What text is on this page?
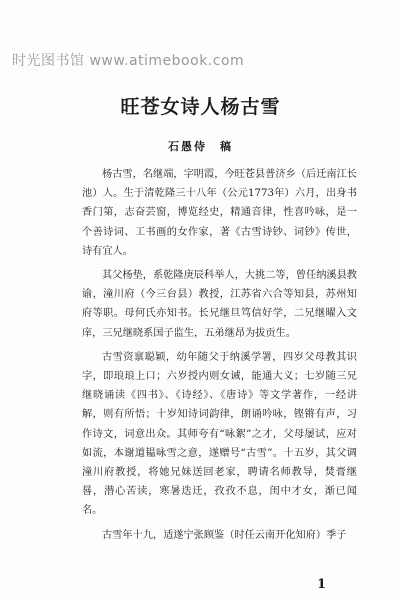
时光图书馆 www.atimebook.com
旺苍女诗人杨古雪
石愚侍　稿

杨古雪，名继端，字明霞，今旺苍县普济乡（后迁南江长池）人。生于清乾隆三十八年（公元1773年）六月，出身书香门第，志奋芸窗，博览经史，精通音律，性喜吟咏，是一个善诗词、工书画的女作家，著《古雪诗钞、词钞》传世，诗有宜人。

其父杨垫，系乾隆庚辰科举人，大挑二等，曾任纳溪县教谕，潼川府（今三台县）教授，江苏省六合等知县，苏州知府等职。母何氏亦知书。长兄继旦笃信好学，二兄继曜入文庠，三兄继晓系国子监生，五弟继昂为拔贡生。

古雪资禀聪颖，幼年随父于纳溪学署，四岁父母教其识字，即琅琅上口；六岁授内则女诫，能通大义；七岁随三兄继晓诵读《四书》、《诗经》、《唐诗》等文学著作，一经讲解，则有所悟；十岁知诗词韵律，朗诵吟咏，铿锵有声，习作诗文，词意出众。其师夸有“咏絮”之才，父母屡试，应对如流，本谢道韫咏雪之意，遂赠号“古雪”。十五岁，其父调潼川府教授，将她兄妹送回老家，聘请名师教导，焚膏继晷，潜心苦读，寒暑迭迁，孜孜不息，闺中才女，渐已闻名。

古雪年十九，适遂宁张顾鉴（时任云南开化知府）季子

1
